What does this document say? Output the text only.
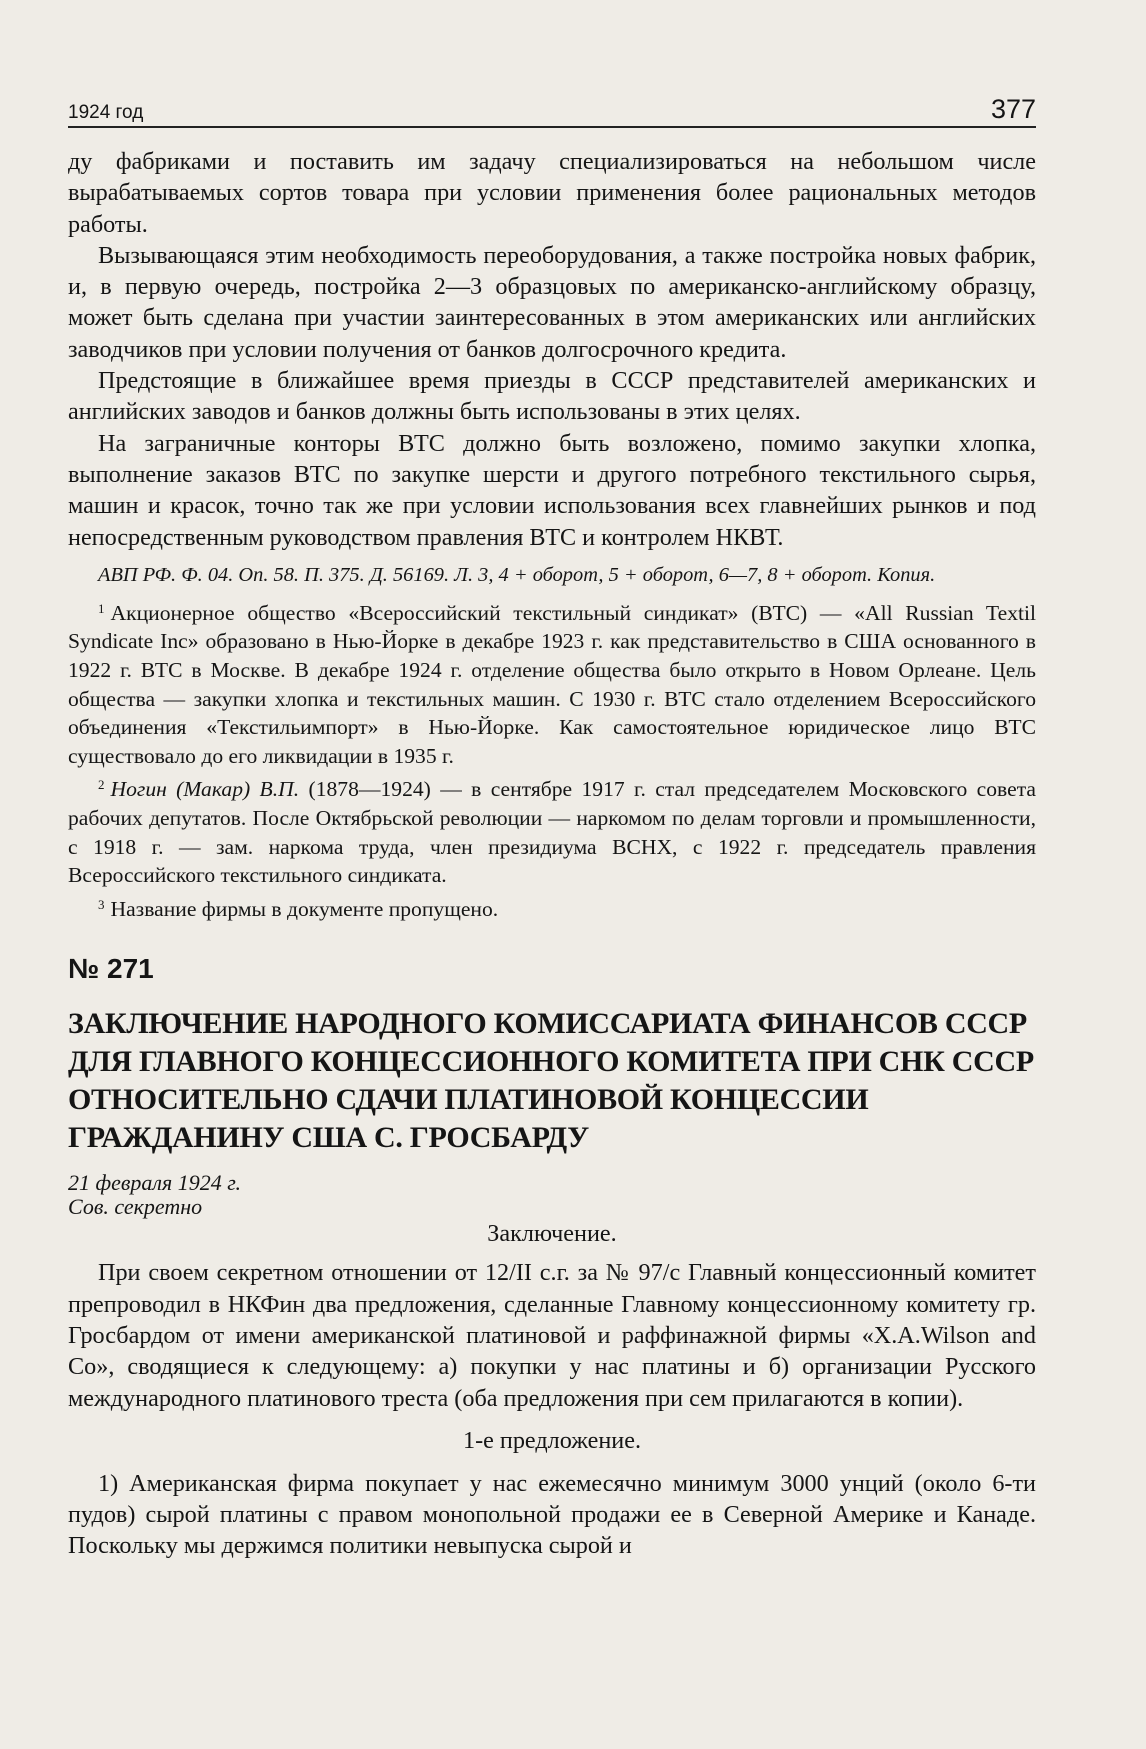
1924 год	377

ду фабриками и поставить им задачу специализироваться на небольшом числе вырабатываемых сортов товара при условии применения более рациональных методов работы.

Вызывающаяся этим необходимость переоборудования, а также постройка новых фабрик, и, в первую очередь, постройка 2—3 образцовых по американско-английскому образцу, может быть сделана при участии заинтересованных в этом американских или английских заводчиков при условии получения от банков долгосрочного кредита.

Предстоящие в ближайшее время приезды в СССР представителей американских и английских заводов и банков должны быть использованы в этих целях.

На заграничные конторы ВТС должно быть возложено, помимо закупки хлопка, выполнение заказов ВТС по закупке шерсти и другого потребного текстильного сырья, машин и красок, точно так же при условии использования всех главнейших рынков и под непосредственным руководством правления ВТС и контролем НКВТ.

АВП РФ. Ф. 04. Оп. 58. П. 375. Д. 56169. Л. 3, 4 + оборот, 5 + оборот, 6—7, 8 + оборот. Копия.

$^1$ Акционерное общество «Всероссийский текстильный синдикат» (ВТС) — «All Russian Textil Syndicate Inc» образовано в Нью-Йорке в декабре 1923 г. как представительство в США основанного в 1922 г. ВТС в Москве. В декабре 1924 г. отделение общества было открыто в Новом Орлеане. Цель общества — закупки хлопка и текстильных машин. С 1930 г. ВТС стало отделением Всероссийского объединения «Текстильимпорт» в Нью-Йорке. Как самостоятельное юридическое лицо ВТС существовало до его ликвидации в 1935 г.

$^2$ Ногин (Макар) В.П. (1878—1924) — в сентябре 1917 г. стал председателем Московского совета рабочих депутатов. После Октябрьской революции — наркомом по делам торговли и промышленности, с 1918 г. — зам. наркома труда, член президиума ВСНХ, с 1922 г. председатель правления Всероссийского текстильного синдиката.

$^3$ Название фирмы в документе пропущено.

№ 271
ЗАКЛЮЧЕНИЕ НАРОДНОГО КОМИССАРИАТА ФИНАНСОВ СССР ДЛЯ ГЛАВНОГО КОНЦЕССИОННОГО КОМИТЕТА ПРИ СНК СССР ОТНОСИТЕЛЬНО СДАЧИ ПЛАТИНОВОЙ КОНЦЕССИИ ГРАЖДАНИНУ США С. ГРОСБАРДУ
21 февраля 1924 г.
Сов. секретно
Заключение.

При своем секретном отношении от 12/II с.г. за № 97/с Главный концессионный комитет препроводил в НКФин два предложения, сделанные Главному концессионному комитету гр. Гросбардом от имени американской платиновой и раффинажной фирмы «X.A.Wilson and Co», сводящиеся к следующему: а) покупки у нас платины и б) организации Русского международного платинового треста (оба предложения при сем прилагаются в копии).

1-е предложение.

1) Американская фирма покупает у нас ежемесячно минимум 3000 унций (около 6-ти пудов) сырой платины с правом монопольной продажи ее в Северной Америке и Канаде. Поскольку мы держимся политики невыпуска сырой и
